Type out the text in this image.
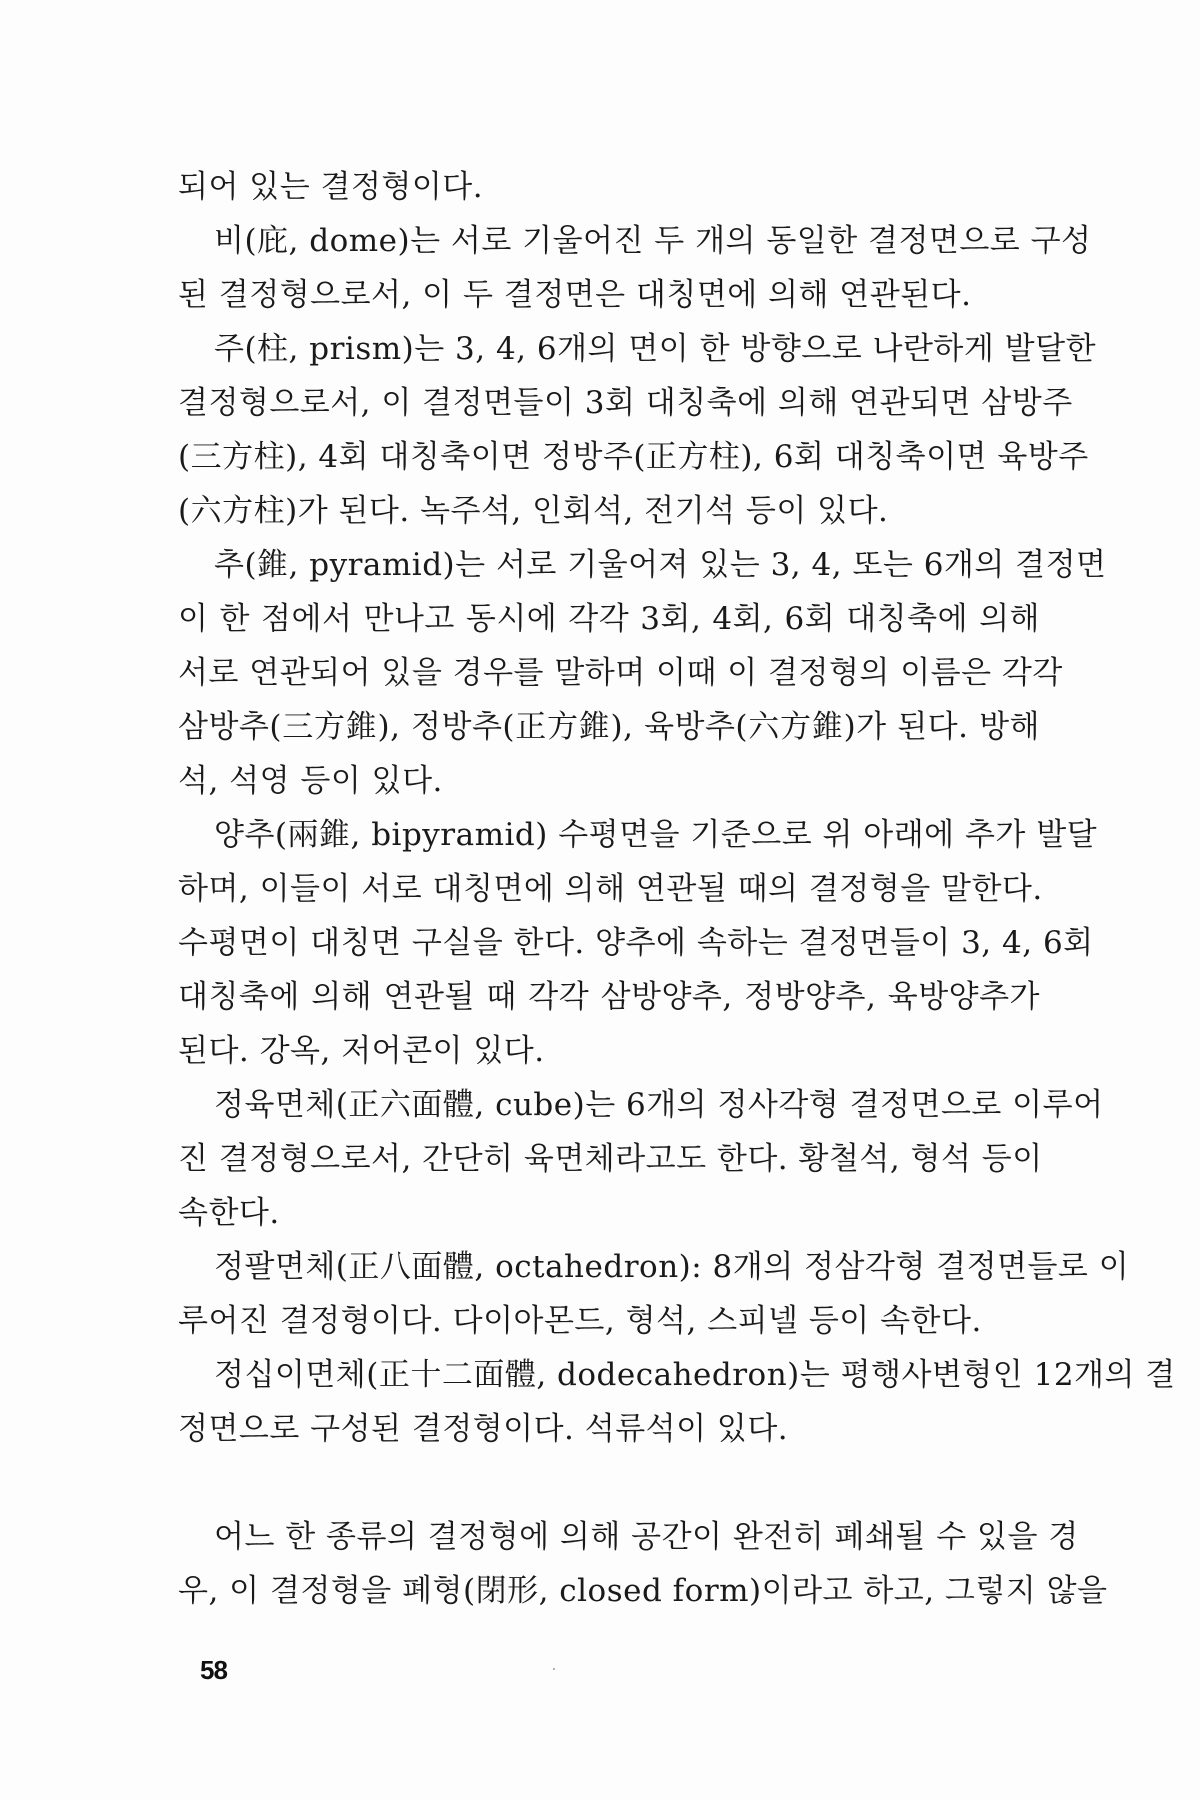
되어 있는 결정형이다.
비(庇, dome)는 서로 기울어진 두 개의 동일한 결정면으로 구성
된 결정형으로서, 이 두 결정면은 대칭면에 의해 연관된다.
주(柱, prism)는 3, 4, 6개의 면이 한 방향으로 나란하게 발달한
결정형으로서, 이 결정면들이 3회 대칭축에 의해 연관되면 삼방주
(三方柱), 4회 대칭축이면 정방주(正方柱), 6회 대칭축이면 육방주
(六方柱)가 된다. 녹주석, 인회석, 전기석 등이 있다.
추(錐, pyramid)는 서로 기울어져 있는 3, 4, 또는 6개의 결정면
이 한 점에서 만나고 동시에 각각 3회, 4회, 6회 대칭축에 의해
서로 연관되어 있을 경우를 말하며 이때 이 결정형의 이름은 각각
삼방추(三方錐), 정방추(正方錐), 육방추(六方錐)가 된다. 방해
석, 석영 등이 있다.
양추(兩錐, bipyramid) 수평면을 기준으로 위 아래에 추가 발달
하며, 이들이 서로 대칭면에 의해 연관될 때의 결정형을 말한다.
수평면이 대칭면 구실을 한다. 양추에 속하는 결정면들이 3, 4, 6회
대칭축에 의해 연관될 때 각각 삼방양추, 정방양추, 육방양추가
된다. 강옥, 저어콘이 있다.
정육면체(正六面體, cube)는 6개의 정사각형 결정면으로 이루어
진 결정형으로서, 간단히 육면체라고도 한다. 황철석, 형석 등이
속한다.
정팔면체(正八面體, octahedron): 8개의 정삼각형 결정면들로 이
루어진 결정형이다. 다이아몬드, 형석, 스피넬 등이 속한다.
정십이면체(正十二面體, dodecahedron)는 평행사변형인 12개의 결
정면으로 구성된 결정형이다. 석류석이 있다.
어느 한 종류의 결정형에 의해 공간이 완전히 폐쇄될 수 있을 경
우, 이 결정형을 폐형(閉形, closed form)이라고 하고, 그렇지 않을
58
